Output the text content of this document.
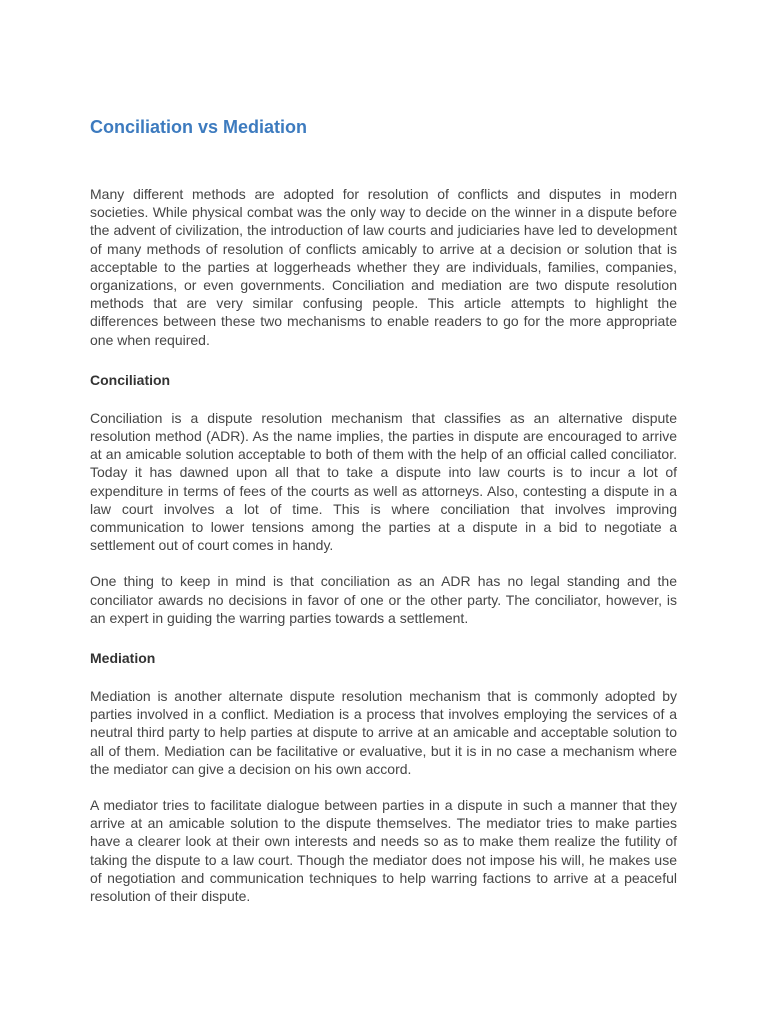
Conciliation vs Mediation

Many different methods are adopted for resolution of conflicts and disputes in modern societies. While physical combat was the only way to decide on the winner in a dispute before the advent of civilization, the introduction of law courts and judiciaries have led to development of many methods of resolution of conflicts amicably to arrive at a decision or solution that is acceptable to the parties at loggerheads whether they are individuals, families, companies, organizations, or even governments. Conciliation and mediation are two dispute resolution methods that are very similar confusing people. This article attempts to highlight the differences between these two mechanisms to enable readers to go for the more appropriate one when required.

Conciliation

Conciliation is a dispute resolution mechanism that classifies as an alternative dispute resolution method (ADR). As the name implies, the parties in dispute are encouraged to arrive at an amicable solution acceptable to both of them with the help of an official called conciliator. Today it has dawned upon all that to take a dispute into law courts is to incur a lot of expenditure in terms of fees of the courts as well as attorneys. Also, contesting a dispute in a law court involves a lot of time. This is where conciliation that involves improving communication to lower tensions among the parties at a dispute in a bid to negotiate a settlement out of court comes in handy.

One thing to keep in mind is that conciliation as an ADR has no legal standing and the conciliator awards no decisions in favor of one or the other party. The conciliator, however, is an expert in guiding the warring parties towards a settlement.

Mediation

Mediation is another alternate dispute resolution mechanism that is commonly adopted by parties involved in a conflict. Mediation is a process that involves employing the services of a neutral third party to help parties at dispute to arrive at an amicable and acceptable solution to all of them. Mediation can be facilitative or evaluative, but it is in no case a mechanism where the mediator can give a decision on his own accord.

A mediator tries to facilitate dialogue between parties in a dispute in such a manner that they arrive at an amicable solution to the dispute themselves. The mediator tries to make parties have a clearer look at their own interests and needs so as to make them realize the futility of taking the dispute to a law court. Though the mediator does not impose his will, he makes use of negotiation and communication techniques to help warring factions to arrive at a peaceful resolution of their dispute.
